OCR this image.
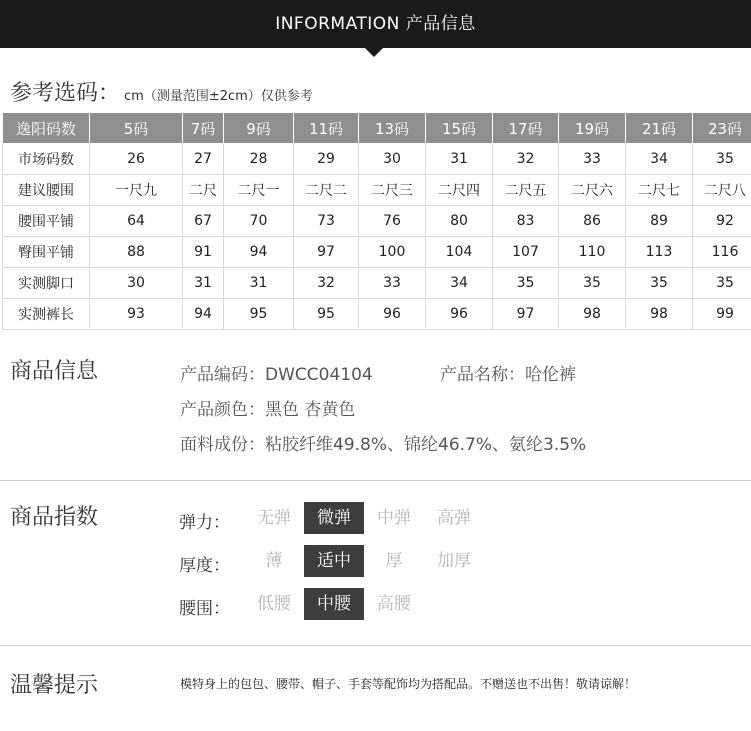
INFORMATION 产品信息
参考选码： cm（测量范围±2cm）仅供参考
逸阳码数	5码	7码	9码	11码	13码	15码	17码	19码	21码	23码
市场码数	26	27	28	29	30	31	32	33	34	35
建议腰围	一尺九	二尺	二尺一	二尺二	二尺三	二尺四	二尺五	二尺六	二尺七	二尺八
腰围平铺	64	67	70	73	76	80	83	86	89	92
臀围平铺	88	91	94	97	100	104	107	110	113	116
实测脚口	30	31	31	32	33	34	35	35	35	35
实测裤长	93	94	95	95	96	96	97	98	98	99
商品信息	产品编码：DWCC04104	产品名称：哈伦裤
产品颜色：黑色 杏黄色
面料成份：粘胶纤维49.8%、锦纶46.7%、氨纶3.5%
商品指数	弹力：	无弹	微弹	中弹	高弹
厚度：	薄	适中	厚	加厚
腰围：	低腰	中腰	高腰
温馨提示	模特身上的包包、腰带、帽子、手套等配饰均为搭配品。不赠送也不出售！敬请谅解！
